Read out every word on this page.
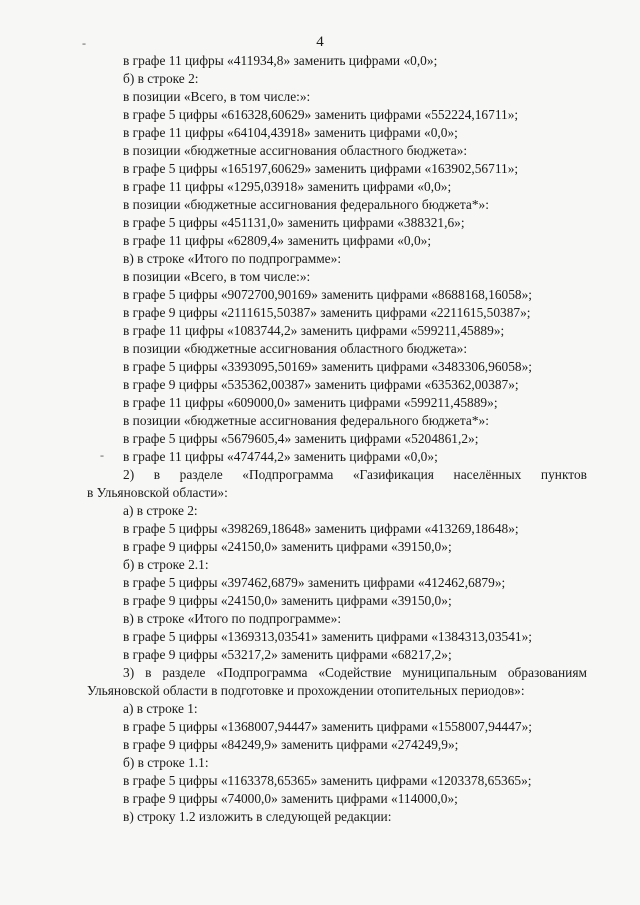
4
в графе 11 цифры «411934,8» заменить цифрами «0,0»;
б) в строке 2:
в позиции «Всего, в том числе:»:
в графе 5 цифры «616328,60629» заменить цифрами «552224,16711»;
в графе 11 цифры «64104,43918» заменить цифрами «0,0»;
в позиции «бюджетные ассигнования областного бюджета»:
в графе 5 цифры «165197,60629» заменить цифрами «163902,56711»;
в графе 11 цифры «1295,03918» заменить цифрами «0,0»;
в позиции «бюджетные ассигнования федерального бюджета*»:
в графе 5 цифры «451131,0» заменить цифрами «388321,6»;
в графе 11 цифры «62809,4» заменить цифрами «0,0»;
в) в строке «Итого по подпрограмме»:
в позиции «Всего, в том числе:»:
в графе 5 цифры «9072700,90169» заменить цифрами «8688168,16058»;
в графе 9 цифры «2111615,50387» заменить цифрами «2211615,50387»;
в графе 11 цифры «1083744,2» заменить цифрами «599211,45889»;
в позиции «бюджетные ассигнования областного бюджета»:
в графе 5 цифры «3393095,50169» заменить цифрами «3483306,96058»;
в графе 9 цифры «535362,00387» заменить цифрами «635362,00387»;
в графе 11 цифры «609000,0» заменить цифрами «599211,45889»;
в позиции «бюджетные ассигнования федерального бюджета*»:
в графе 5 цифры «5679605,4» заменить цифрами «5204861,2»;
в графе 11 цифры «474744,2» заменить цифрами «0,0»;
2) в разделе «Подпрограмма «Газификация населённых пунктов
в Ульяновской области»:
а) в строке 2:
в графе 5 цифры «398269,18648» заменить цифрами «413269,18648»;
в графе 9 цифры «24150,0» заменить цифрами «39150,0»;
б) в строке 2.1:
в графе 5 цифры «397462,6879» заменить цифрами «412462,6879»;
в графе 9 цифры «24150,0» заменить цифрами «39150,0»;
в) в строке «Итого по подпрограмме»:
в графе 5 цифры «1369313,03541» заменить цифрами «1384313,03541»;
в графе 9 цифры «53217,2» заменить цифрами «68217,2»;
3) в разделе «Подпрограмма «Содействие муниципальным образованиям
Ульяновской области в подготовке и прохождении отопительных периодов»:
а) в строке 1:
в графе 5 цифры «1368007,94447» заменить цифрами «1558007,94447»;
в графе 9 цифры «84249,9» заменить цифрами «274249,9»;
б) в строке 1.1:
в графе 5 цифры «1163378,65365» заменить цифрами «1203378,65365»;
в графе 9 цифры «74000,0» заменить цифрами «114000,0»;
в) строку 1.2 изложить в следующей редакции:
-
-
